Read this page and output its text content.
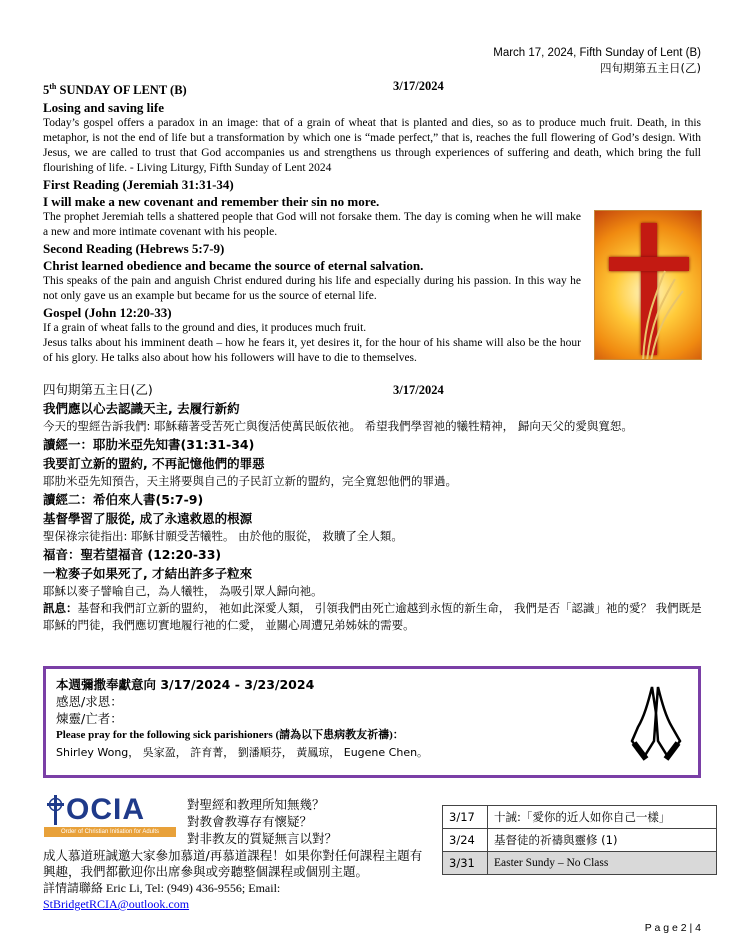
March 17, 2024, Fifth Sunday of Lent (B)
四旬期第五主日(乙)
5th SUNDAY OF LENT (B)	3/17/2024
Losing and saving life
Today’s gospel offers a paradox in an image: that of a grain of wheat that is planted and dies, so as to produce much fruit. Death, in this metaphor, is not the end of life but a transformation by which one is “made perfect,” that is, reaches the full flowering of God’s design. With Jesus, we are called to trust that God accompanies us and strengthens us through experiences of suffering and death, which bring the full flourishing of life. - Living Liturgy, Fifth Sunday of Lent 2024
First Reading (Jeremiah 31:31-34)
I will make a new covenant and remember their sin no more.
The prophet Jeremiah tells a shattered people that God will not forsake them. The day is coming when he will make a new and more intimate covenant with his people.
Second Reading (Hebrews 5:7-9)
Christ learned obedience and became the source of eternal salvation.
This speaks of the pain and anguish Christ endured during his life and especially during his passion. In this way he not only gave us an example but became for us the source of eternal life.
Gospel (John 12:20-33)
If a grain of wheat falls to the ground and dies, it produces much fruit.
Jesus talks about his imminent death – how he fears it, yet desires it, for the hour of his shame will also be the hour of his glory. He talks also about how his followers will have to die to themselves.
四旬期第五主日(乙)	3/17/2024
我們應以心去認識天主, 去履行新約
今天的聖經告訴我們: 耶穌藉著受苦死亡與復活使萬民皈依祂。 希望我們學習祂的犧牲精神， 歸向天父的愛與寬恕。
讀經一：耶肋米亞先知書(31:31-34)
我要訂立新的盟約, 不再記憶他們的罪惡
耶肋米亞先知預告，天主將要與自己的子民訂立新的盟約，完全寬恕他們的罪過。
讀經二：希伯來人書(5:7-9)
基督學習了服從, 成了永遠救恩的根源
聖保祿宗徒指出: 耶穌甘願受苦犧牲。 由於他的服從， 救贖了全人類。
福音：聖若望福音 (12:20-33)
一粒麥子如果死了, 才結出許多子粒來
耶穌以麥子譬喻自己，為人犧牲， 為吸引眾人歸向祂。
訊息：基督和我們訂立新的盟約， 祂如此深愛人類， 引領我們由死亡逾越到永恆的新生命， 我們是否「認識」祂的愛？ 我們既是耶穌的門徒，我們應切實地履行祂的仁愛， 並關心周遭兄弟姊妹的需要。
本週彌撒奉獻意向 3/17/2024 - 3/23/2024
感恩/求恩：
煉靈/亡者：
Please pray for the following sick parishioners (請為以下患病教友祈禱)：
Shirley Wong， 吳家盈， 許育菁， 劉潘順芬， 黃鳳琼， Eugene Chen。
OCIA
Order of Christian Initiation for Adults
對聖經和教理所知無幾？
對教會教導存有懷疑？
對非教友的質疑無言以對？
成人慕道班誠邀大家參加慕道/再慕道課程！如果你對任何課程主題有興趣，我們都歡迎你出席參與或旁聽整個課程或個別主題。
詳情請聯絡 Eric Li, Tel: (949) 436-9556; Email: StBridgetRCIA@outlook.com
3/17	十誡:「愛你的近人如你自己一樣」
3/24	基督徒的祈禱與靈修 (1)
3/31	Easter Sundy – No Class
P a g e 2 | 4
